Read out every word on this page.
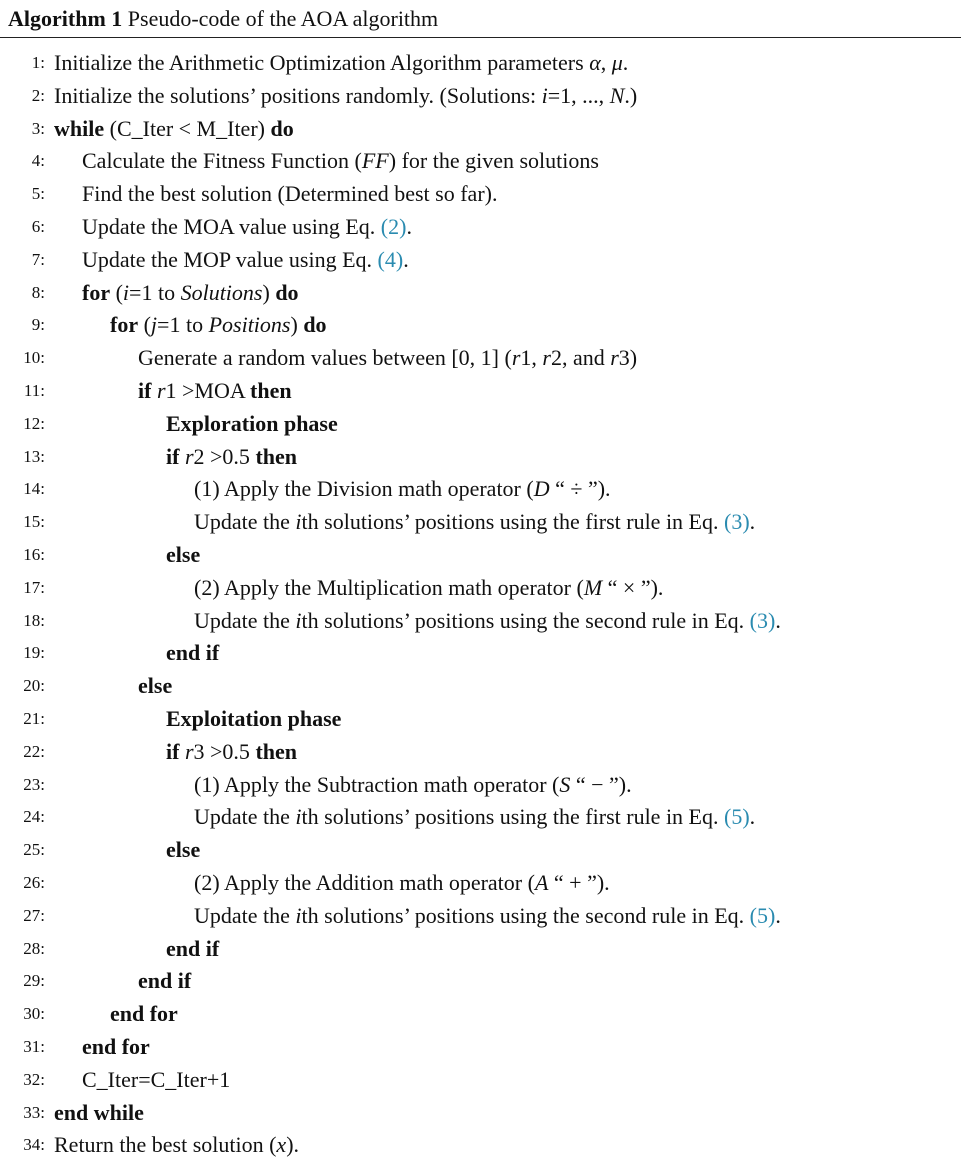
Algorithm 1 Pseudo-code of the AOA algorithm
1: Initialize the Arithmetic Optimization Algorithm parameters α, μ.
2: Initialize the solutions’ positions randomly. (Solutions: i=1, ..., N.)
3: while (C_Iter < M_Iter) do
4: Calculate the Fitness Function (FF) for the given solutions
5: Find the best solution (Determined best so far).
6: Update the MOA value using Eq. (2).
7: Update the MOP value using Eq. (4).
8: for (i=1 to Solutions) do
9:	for (j=1 to Positions) do
10:	Generate a random values between [0, 1] (r1, r2, and r3)
11:	if r1 >MOA then
12:	Exploration phase
13:	if r2 >0.5 then
14:	(1) Apply the Division math operator (D “ ÷ ”).
15:	Update the ith solutions’ positions using the first rule in Eq. (3).
16:	else
17:	(2) Apply the Multiplication math operator (M “ × ”).
18:	Update the ith solutions’ positions using the second rule in Eq. (3).
19:	end if
20:	else
21:	Exploitation phase
22:	if r3 >0.5 then
23:	(1) Apply the Subtraction math operator (S “ − ”).
24:	Update the ith solutions’ positions using the first rule in Eq. (5).
25:	else
26:	(2) Apply the Addition math operator (A “ + ”).
27:	Update the ith solutions’ positions using the second rule in Eq. (5).
28:	end if
29:	end if
30:	end for
31: end for
32: C_Iter=C_Iter+1
33: end while
34: Return the best solution (x).
